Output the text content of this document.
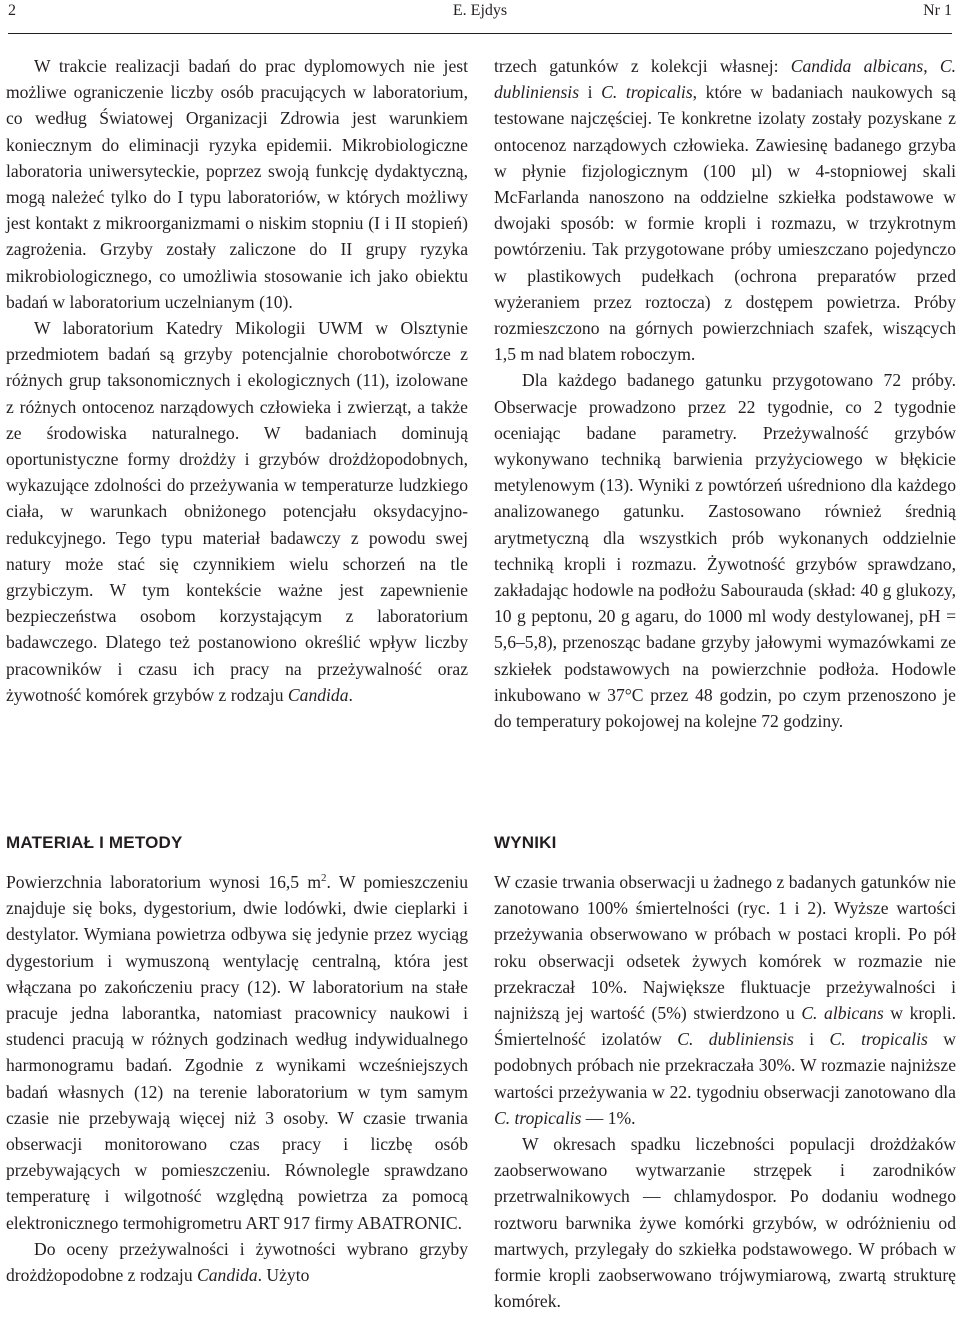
2	E. Ejdys	Nr 1

W trakcie realizacji badań do prac dyplomowych nie jest możliwe ograniczenie liczby osób pracujących w laboratorium, co według Światowej Organizacji Zdrowia jest warunkiem koniecznym do eliminacji ryzyka epidemii. Mikrobiologiczne laboratoria uniwersyteckie, poprzez swoją funkcję dydaktyczną, mogą należeć tylko do I typu laboratoriów, w których możliwy jest kontakt z mikroorganizmami o niskim stopniu (I i II stopień) zagrożenia. Grzyby zostały zaliczone do II grupy ryzyka mikrobiologicznego, co umożliwia stosowanie ich jako obiektu badań w laboratorium uczelnianym (10).

W laboratorium Katedry Mikologii UWM w Olsztynie przedmiotem badań są grzyby potencjalnie chorobotwórcze z różnych grup taksonomicznych i ekologicznych (11), izolowane z różnych ontocenoz narządowych człowieka i zwierząt, a także ze środowiska naturalnego. W badaniach dominują oportunistyczne formy drożdży i grzybów drożdżopodobnych, wykazujące zdolności do przeżywania w temperaturze ludzkiego ciała, w warunkach obniżonego potencjału oksydacyjno-redukcyjnego. Tego typu materiał badawczy z powodu swej natury może stać się czynnikiem wielu schorzeń na tle grzybiczym. W tym kontekście ważne jest zapewnienie bezpieczeństwa osobom korzystającym z laboratorium badawczego. Dlatego też postanowiono określić wpływ liczby pracowników i czasu ich pracy na przeżywalność oraz żywotność komórek grzybów z rodzaju Candida.

trzech gatunków z kolekcji własnej: Candida albicans, C. dubliniensis i C. tropicalis, które w badaniach naukowych są testowane najczęściej. Te konkretne izolaty zostały pozyskane z ontocenoz narządowych człowieka. Zawiesinę badanego grzyba w płynie fizjologicznym (100 µl) w 4-stopniowej skali McFarlanda nanoszono na oddzielne szkiełka podstawowe w dwojaki sposób: w formie kropli i rozmazu, w trzykrotnym powtórzeniu. Tak przygotowane próby umieszczano pojedynczo w plastikowych pudełkach (ochrona preparatów przed wyżeraniem przez roztocza) z dostępem powietrza. Próby rozmieszczono na górnych powierzchniach szafek, wiszących 1,5 m nad blatem roboczym.

Dla każdego badanego gatunku przygotowano 72 próby. Obserwacje prowadzono przez 22 tygodnie, co 2 tygodnie oceniając badane parametry. Przeżywalność grzybów wykonywano techniką barwienia przyżyciowego w błękicie metylenowym (13). Wyniki z powtórzeń uśredniono dla każdego analizowanego gatunku. Zastosowano również średnią arytmetyczną dla wszystkich prób wykonanych oddzielnie techniką kropli i rozmazu. Żywotność grzybów sprawdzano, zakładając hodowle na podłożu Sabourauda (skład: 40 g glukozy, 10 g peptonu, 20 g agaru, do 1000 ml wody destylowanej, pH = 5,6–5,8), przenosząc badane grzyby jałowymi wymazówkami ze szkiełek podstawowych na powierzchnie podłoża. Hodowle inkubowano w 37°C przez 48 godzin, po czym przenoszono je do temperatury pokojowej na kolejne 72 godziny.

MATERIAŁ I METODY	WYNIKI

Powierzchnia laboratorium wynosi 16,5 $m^2$. W pomieszczeniu znajduje się boks, dygestorium, dwie lodówki, dwie cieplarki i destylator. Wymiana powietrza odbywa się jedynie przez wyciąg dygestorium i wymuszoną wentylację centralną, która jest włączana po zakończeniu pracy (12). W laboratorium na stałe pracuje jedna laborantka, natomiast pracownicy naukowi i studenci pracują w różnych godzinach według indywidualnego harmonogramu badań. Zgodnie z wynikami wcześniejszych badań własnych (12) na terenie laboratorium w tym samym czasie nie przebywają więcej niż 3 osoby. W czasie trwania obserwacji monitorowano czas pracy i liczbę osób przebywających w pomieszczeniu. Równolegle sprawdzano temperaturę i wilgotność względną powietrza za pomocą elektronicznego termohigrometru ART 917 firmy ABATRONIC.

Do oceny przeżywalności i żywotności wybrano grzyby drożdżopodobne z rodzaju Candida. Użyto

W czasie trwania obserwacji u żadnego z badanych gatunków nie zanotowano 100% śmiertelności (ryc. 1 i 2). Wyższe wartości przeżywania obserwowano w próbach w postaci kropli. Po pół roku obserwacji odsetek żywych komórek w rozmazie nie przekraczał 10%. Największe fluktuacje przeżywalności i najniższą jej wartość (5%) stwierdzono u C. albicans w kropli. Śmiertelność izolatów C. dubliniensis i C. tropicalis w podobnych próbach nie przekraczała 30%. W rozmazie najniższe wartości przeżywania w 22. tygodniu obserwacji zanotowano dla C. tropicalis — 1%.

W okresach spadku liczebności populacji drożdżaków zaobserwowano wytwarzanie strzępek i zarodników przetrwalnikowych — chlamydospor. Po dodaniu wodnego roztworu barwnika żywe komórki grzybów, w odróżnieniu od martwych, przylegały do szkiełka podstawowego. W próbach w formie kropli zaobserwowano trójwymiarową, zwartą strukturę komórek.
